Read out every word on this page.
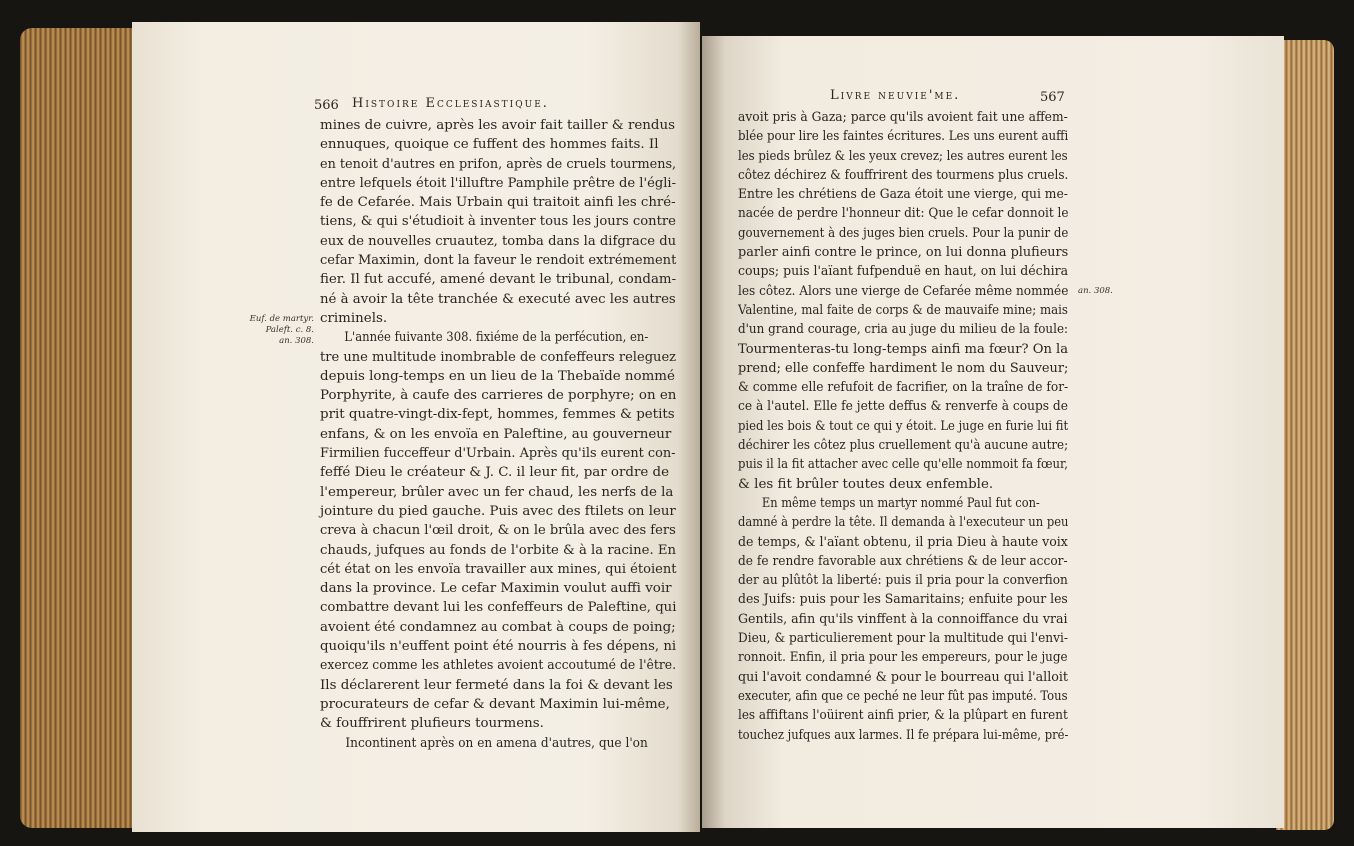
566 Histoire Ecclesiastique.
Euf. de martyr.
Paleft. c. 8.
an. 308.
mines de cuivre, après les avoir fait tailler & rendus
ennuques, quoique ce fuffent des hommes faits. Il
en tenoit d'autres en prifon, après de cruels tourmens,
entre lefquels étoit l'illuftre Pamphile prêtre de l'égli-
fe de Cefarée. Mais Urbain qui traitoit ainfi les chré-
tiens, & qui s'étudioit à inventer tous les jours contre
eux de nouvelles cruautez, tomba dans la difgrace du
cefar Maximin, dont la faveur le rendoit extrémement
fier. Il fut accufé, amené devant le tribunal, condam-
né à avoir la tête tranchée & executé avec les autres
criminels.
L'année fuivante 308. fixiéme de la perfécution, en-
tre une multitude inombrable de confeffeurs releguez
depuis long-temps en un lieu de la Thebaïde nommé
Porphyrite, à caufe des carrieres de porphyre; on en
prit quatre-vingt-dix-fept, hommes, femmes & petits
enfans, & on les envoïa en Paleftine, au gouverneur
Firmilien fucceffeur d'Urbain. Après qu'ils eurent con-
feffé Dieu le créateur & J. C. il leur fit, par ordre de
l'empereur, brûler avec un fer chaud, les nerfs de la
jointure du pied gauche. Puis avec des ftilets on leur
creva à chacun l'œil droit, & on le brûla avec des fers
chauds, jufques au fonds de l'orbite & à la racine. En
cét état on les envoïa travailler aux mines, qui étoient
dans la province. Le cefar Maximin voulut auffi voir
combattre devant lui les confeffeurs de Paleftine, qui
avoient été condamnez au combat à coups de poing;
quoiqu'ils n'euffent point été nourris à fes dépens, ni
exercez comme les athletes avoient accoutumé de l'être.
Ils déclarerent leur fermeté dans la foi & devant les
procurateurs de cefar & devant Maximin lui-même,
& fouffrirent plufieurs tourmens.
Incontinent après on en amena d'autres, que l'on
Livre neuvie'me.	567
an. 308.
avoit pris à Gaza; parce qu'ils avoient fait une affem-
blée pour lire les faintes écritures. Les uns eurent auffi
les pieds brûlez & les yeux crevez; les autres eurent les
côtez déchirez & fouffrirent des tourmens plus cruels.
Entre les chrétiens de Gaza étoit une vierge, qui me-
nacée de perdre l'honneur dit: Que le cefar donnoit le
gouvernement à des juges bien cruels. Pour la punir de
parler ainfi contre le prince, on lui donna plufieurs
coups; puis l'aïant fufpenduë en haut, on lui déchira
les côtez. Alors une vierge de Cefarée même nommée
Valentine, mal faite de corps & de mauvaife mine; mais
d'un grand courage, cria au juge du milieu de la foule:
Tourmenteras-tu long-temps ainfi ma fœur? On la
prend; elle confeffe hardiment le nom du Sauveur;
& comme elle refufoit de facrifier, on la traîne de for-
ce à l'autel. Elle fe jette deffus & renverfe à coups de
pied les bois & tout ce qui y étoit. Le juge en furie lui fit
déchirer les côtez plus cruellement qu'à aucune autre;
puis il la fit attacher avec celle qu'elle nommoit fa fœur,
& les fit brûler toutes deux enfemble.
En même temps un martyr nommé Paul fut con-
damné à perdre la tête. Il demanda à l'executeur un peu
de temps, & l'aïant obtenu, il pria Dieu à haute voix
de fe rendre favorable aux chrétiens & de leur accor-
der au plûtôt la liberté: puis il pria pour la converfion
des Juifs: puis pour les Samaritains; enfuite pour les
Gentils, afin qu'ils vinffent à la connoiffance du vrai
Dieu, & particulierement pour la multitude qui l'envi-
ronnoit. Enfin, il pria pour les empereurs, pour le juge
qui l'avoit condamné & pour le bourreau qui l'alloit
executer, afin que ce peché ne leur fût pas imputé. Tous
les affiftans l'oüirent ainfi prier, & la plûpart en furent
touchez jufques aux larmes. Il fe prépara lui-même, pré-
